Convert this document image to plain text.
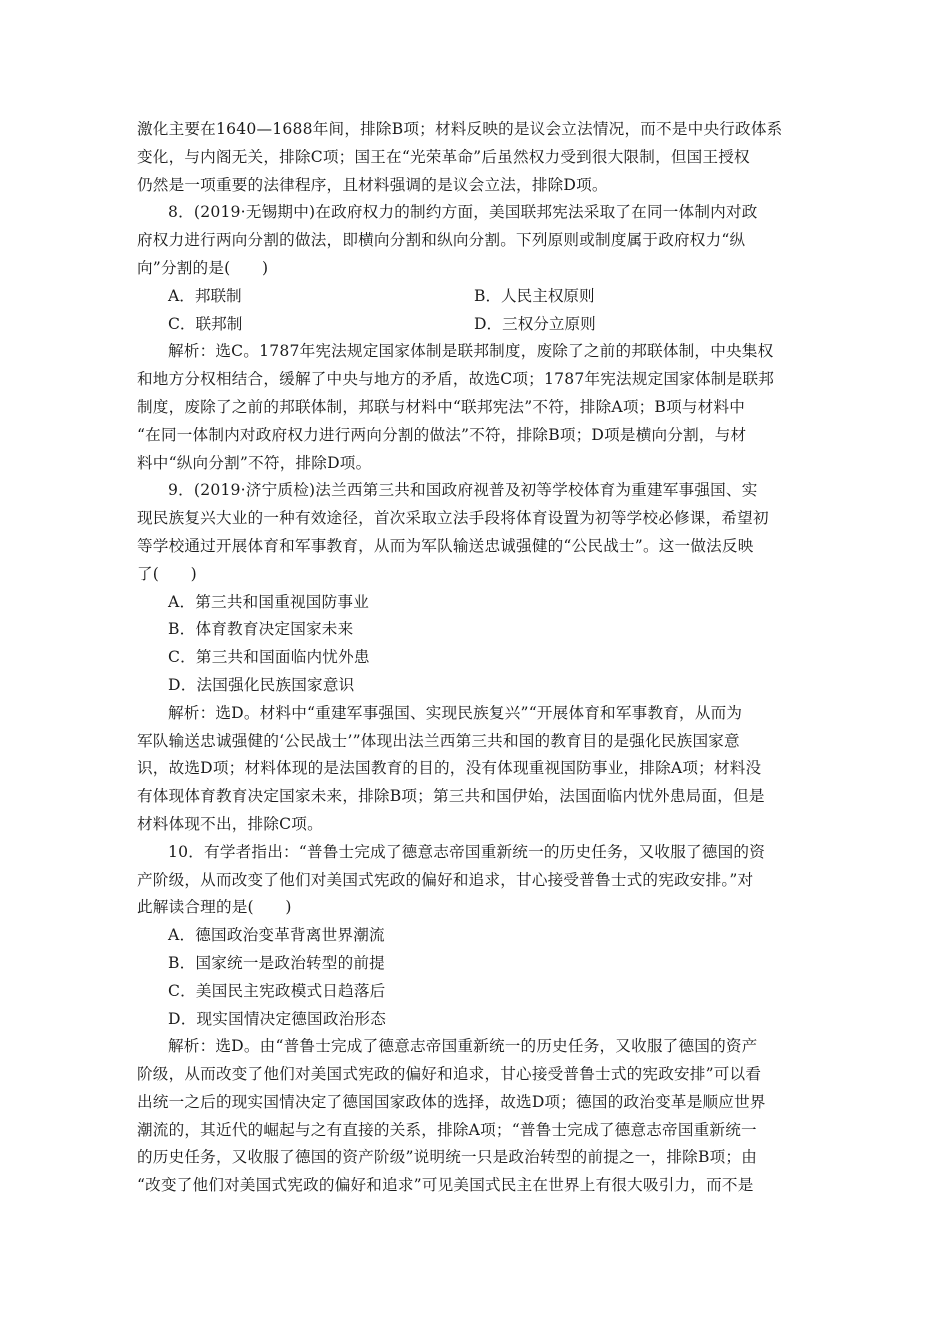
激化主要在1640—1688年间，排除B项；材料反映的是议会立法情况，而不是中央行政体系
变化，与内阁无关，排除C项；国王在“光荣革命”后虽然权力受到很大限制，但国王授权
仍然是一项重要的法律程序，且材料强调的是议会立法，排除D项。
8．(2019·无锡期中)在政府权力的制约方面，美国联邦宪法采取了在同一体制内对政
府权力进行两向分割的做法，即横向分割和纵向分割。下列原则或制度属于政府权力“纵
向”分割的是(　　)
A．邦联制	B．人民主权原则
C．联邦制	D．三权分立原则
解析：选C。1787年宪法规定国家体制是联邦制度，废除了之前的邦联体制，中央集权
和地方分权相结合，缓解了中央与地方的矛盾，故选C项；1787年宪法规定国家体制是联邦
制度，废除了之前的邦联体制，邦联与材料中“联邦宪法”不符，排除A项；B项与材料中
“在同一体制内对政府权力进行两向分割的做法”不符，排除B项；D项是横向分割，与材
料中“纵向分割”不符，排除D项。
9．(2019·济宁质检)法兰西第三共和国政府视普及初等学校体育为重建军事强国、实
现民族复兴大业的一种有效途径，首次采取立法手段将体育设置为初等学校必修课，希望初
等学校通过开展体育和军事教育，从而为军队输送忠诚强健的“公民战士”。这一做法反映
了(　　)
A．第三共和国重视国防事业
B．体育教育决定国家未来
C．第三共和国面临内忧外患
D．法国强化民族国家意识
解析：选D。材料中“重建军事强国、实现民族复兴”“开展体育和军事教育，从而为
军队输送忠诚强健的‘公民战士’”体现出法兰西第三共和国的教育目的是强化民族国家意
识，故选D项；材料体现的是法国教育的目的，没有体现重视国防事业，排除A项；材料没
有体现体育教育决定国家未来，排除B项；第三共和国伊始，法国面临内忧外患局面，但是
材料体现不出，排除C项。
10．有学者指出：“普鲁士完成了德意志帝国重新统一的历史任务，又收服了德国的资
产阶级，从而改变了他们对美国式宪政的偏好和追求，甘心接受普鲁士式的宪政安排。”对
此解读合理的是(　　)
A．德国政治变革背离世界潮流
B．国家统一是政治转型的前提
C．美国民主宪政模式日趋落后
D．现实国情决定德国政治形态
解析：选D。由“普鲁士完成了德意志帝国重新统一的历史任务，又收服了德国的资产
阶级，从而改变了他们对美国式宪政的偏好和追求，甘心接受普鲁士式的宪政安排”可以看
出统一之后的现实国情决定了德国国家政体的选择，故选D项；德国的政治变革是顺应世界
潮流的，其近代的崛起与之有直接的关系，排除A项；“普鲁士完成了德意志帝国重新统一
的历史任务，又收服了德国的资产阶级”说明统一只是政治转型的前提之一，排除B项；由
“改变了他们对美国式宪政的偏好和追求”可见美国式民主在世界上有很大吸引力，而不是
